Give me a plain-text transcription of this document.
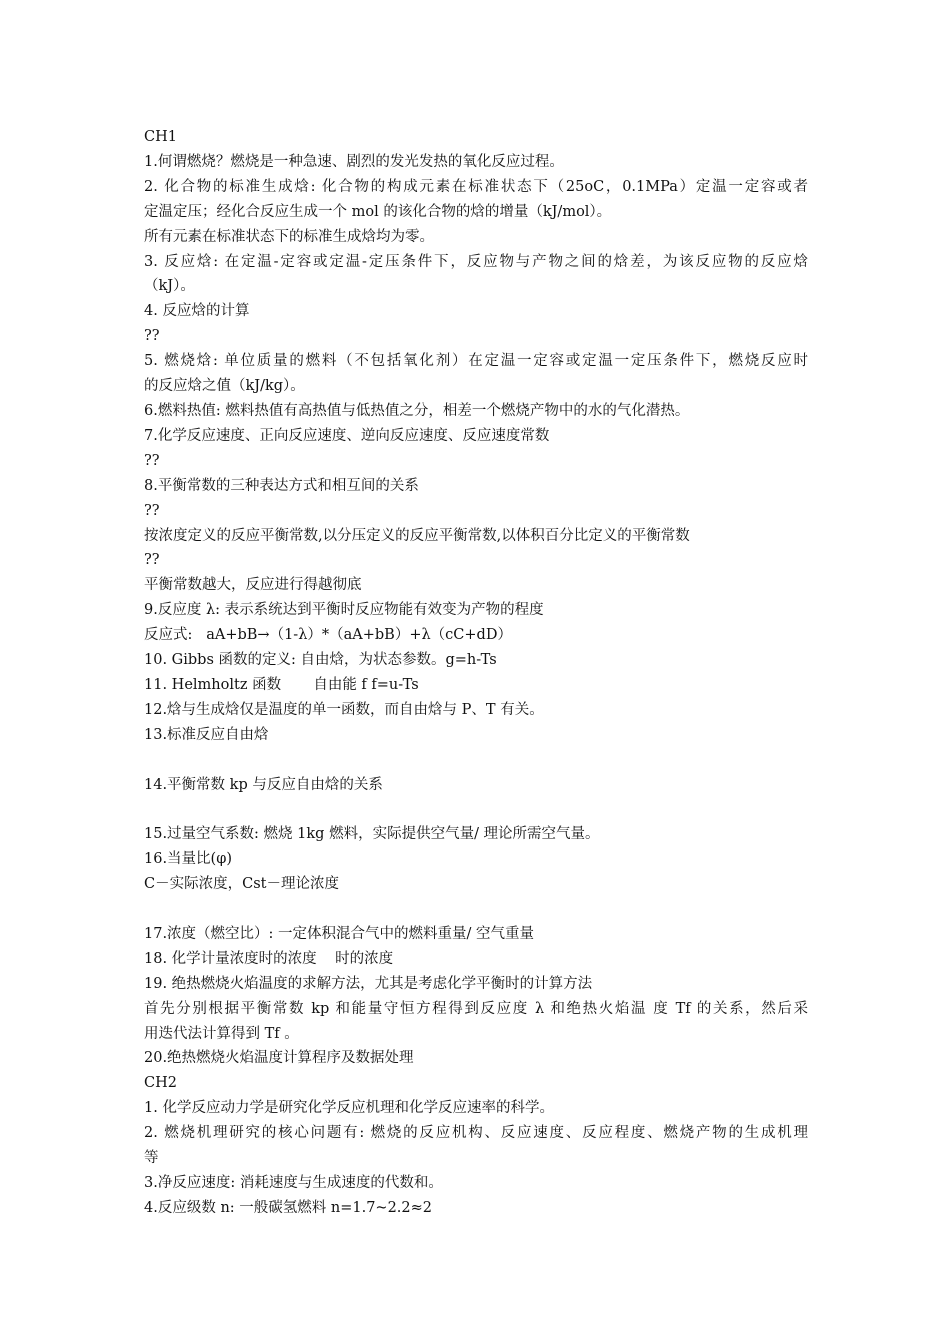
CH1
1.何谓燃烧？燃烧是一种急速、剧烈的发光发热的氧化反应过程。
2. 化合物的标准生成焓: 化合物的构成元素在标准状态下（25oC，0.1MPa）定温一定容或者
定温定压；经化合反应生成一个 mol 的该化合物的焓的增量（kJ/mol）。
所有元素在标准状态下的标准生成焓均为零。
3. 反应焓: 在定温-定容或定温-定压条件下，反应物与产物之间的焓差，为该反应物的反应焓
（kJ）。
4. 反应焓的计算
??
5. 燃烧焓: 单位质量的燃料（不包括氧化剂）在定温一定容或定温一定压条件下，燃烧反应时
的反应焓之值（kJ/kg）。
6.燃料热值: 燃料热值有高热值与低热值之分，相差一个燃烧产物中的水的气化潜热。
7.化学反应速度、正向反应速度、逆向反应速度、反应速度常数
??
8.平衡常数的三种表达方式和相互间的关系
??
按浓度定义的反应平衡常数,以分压定义的反应平衡常数,以体积百分比定义的平衡常数
??
平衡常数越大，反应进行得越彻底
9.反应度 λ: 表示系统达到平衡时反应物能有效变为产物的程度
反应式:   aA+bB→（1-λ）*（aA+bB）+λ（cC+dD）
10. Gibbs 函数的定义: 自由焓，为状态参数。g=h-Ts
11. Helmholtz 函数       自由能 f f=u-Ts
12.焓与生成焓仅是温度的单一函数，而自由焓与 P、T 有关。
13.标准反应自由焓
14.平衡常数 kp 与反应自由焓的关系
15.过量空气系数: 燃烧 1kg 燃料，实际提供空气量/ 理论所需空气量。
16.当量比(φ)
C－实际浓度，Cst－理论浓度
17.浓度（燃空比）: 一定体积混合气中的燃料重量/ 空气重量
18. 化学计量浓度时的浓度    时的浓度
19. 绝热燃烧火焰温度的求解方法，尤其是考虑化学平衡时的计算方法
首先分别根据平衡常数 kp 和能量守恒方程得到反应度 λ 和绝热火焰温 度 Tf 的关系，然后采
用迭代法计算得到 Tf 。
20.绝热燃烧火焰温度计算程序及数据处理
CH2
1. 化学反应动力学是研究化学反应机理和化学反应速率的科学。
2. 燃烧机理研究的核心问题有: 燃烧的反应机构、反应速度、反应程度、燃烧产物的生成机理
等
3.净反应速度: 消耗速度与生成速度的代数和。
4.反应级数 n: 一般碳氢燃料 n=1.7~2.2≈2
